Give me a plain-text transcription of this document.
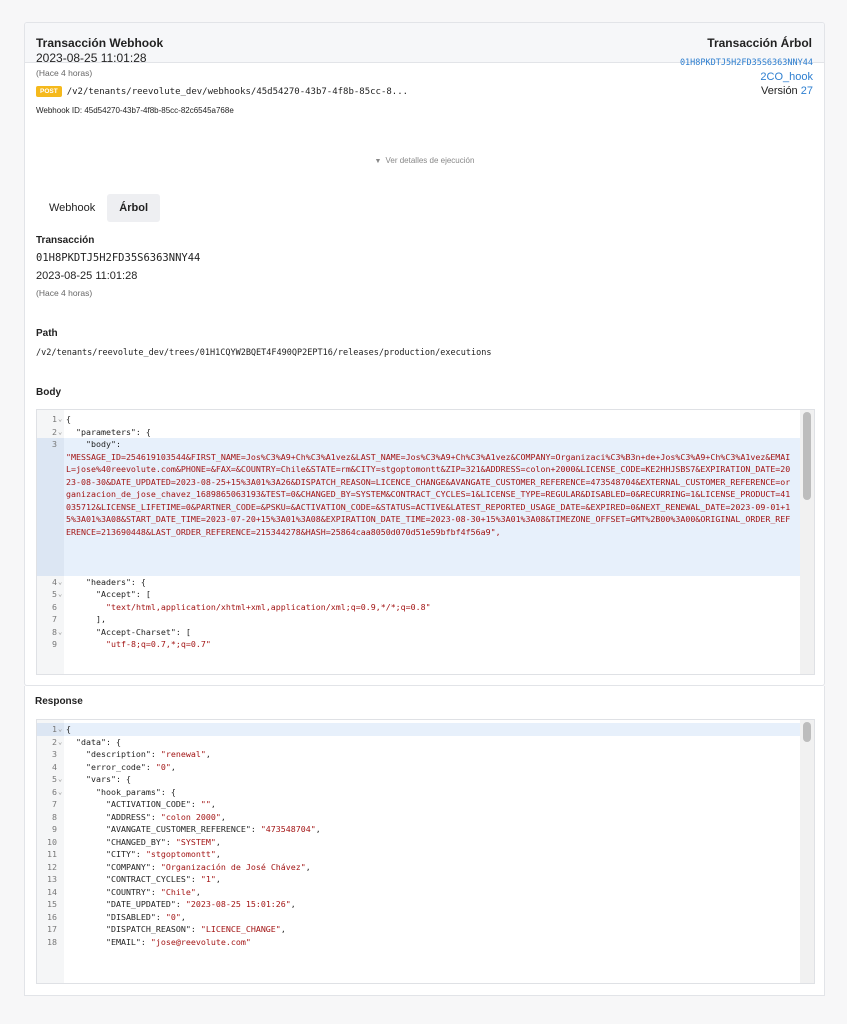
Transacción Webhook	Transacción Árbol
2023-08-25 11:01:28
(Hace 4 horas)
POST	/v2/tenants/reevolute_dev/webhooks/45d54270-43b7-4f8b-85cc-8...
Webhook ID: 45d54270-43b7-4f8b-85cc-82c6545a768e
01H8PKDTJ5H2FD35S6363NNY44
2CO_hook
Versión 27
▼ Ver detalles de ejecución
Webhook	Árbol
Transacción
01H8PKDTJ5H2FD35S6363NNY44
2023-08-25 11:01:28
(Hace 4 horas)
Path
/v2/tenants/reevolute_dev/trees/01H1CQYW2BQET4F490QP2EPT16/releases/production/executions
Body
1 ⌄ {
2 ⌄ "parameters": {
3 "body":
"MESSAGE_ID=254619103544&FIRST_NAME=Jos%C3%A9+Ch%C3%A1vez&LAST_NAME=Jos%C3%A9+Ch%C3%A1vez&COMPANY=Organizaci%C3%B3n+de+Jos%C3%A9+Ch%C3%A1vez&EMAIL=jose%40reevolute.com&PHONE=&FAX=&COUNTRY=Chile&STATE=rm&CITY=stgoptomontt&ZIP=321&ADDRESS=colon+2000&LICENSE_CODE=KE2HHJSBS7&EXPIRATION_DATE=2023-08-30&DATE_UPDATED=2023-08-25+15%3A01%3A26&DISPATCH_REASON=LICENCE_CHANGE&AVANGATE_CUSTOMER_REFERENCE=473548704&EXTERNAL_CUSTOMER_REFERENCE=organizacion_de_jose_chavez_1689865063193&TEST=0&CHANGED_BY=SYSTEM&CONTRACT_CYCLES=1&LICENSE_TYPE=REGULAR&DISABLED=0&RECURRING=1&LICENSE_PRODUCT=41035712&LICENSE_LIFETIME=0&PARTNER_CODE=&PSKU=&ACTIVATION_CODE=&STATUS=ACTIVE&LATEST_REPORTED_USAGE_DATE=&EXPIRED=0&NEXT_RENEWAL_DATE=2023-09-01+15%3A01%3A08&START_DATE_TIME=2023-07-20+15%3A01%3A08&EXPIRATION_DATE_TIME=2023-08-30+15%3A01%3A08&TIMEZONE_OFFSET=GMT%2B00%3A00&ORIGINAL_ORDER_REFERENCE=213690448&LAST_ORDER_REFERENCE=215344278&HASH=25864caa8050d070d51e59bfbf4f56a9",
4 ⌄ "headers": {
5 ⌄ "Accept": [
6	"text/html,application/xhtml+xml,application/xml;q=0.9,*/*;q=0.8"
7 ],
8 ⌄ "Accept-Charset": [
9	"utf-8;q=0.7,*;q=0.7"
1 ⌄ {
2 ⌄ "data": {
3 "description": "renewal",
4 "error_code": "0",
5 ⌄ "vars": {
6 ⌄ "hook_params": {
7 "ACTIVATION_CODE": "",
8 "ADDRESS": "colon 2000",
9 "AVANGATE_CUSTOMER_REFERENCE": "473548704",
10 "CHANGED_BY": "SYSTEM",
11 "CITY": "stgoptomontt",
12 "COMPANY": "Organización de José Chávez",
13 "CONTRACT_CYCLES": "1",
14 "COUNTRY": "Chile",
15 "DATE_UPDATED": "2023-08-25 15:01:26",
16 "DISABLED": "0",
17 "DISPATCH_REASON": "LICENCE_CHANGE",
18 "EMAIL": "jose@reevolute.com"
Response
